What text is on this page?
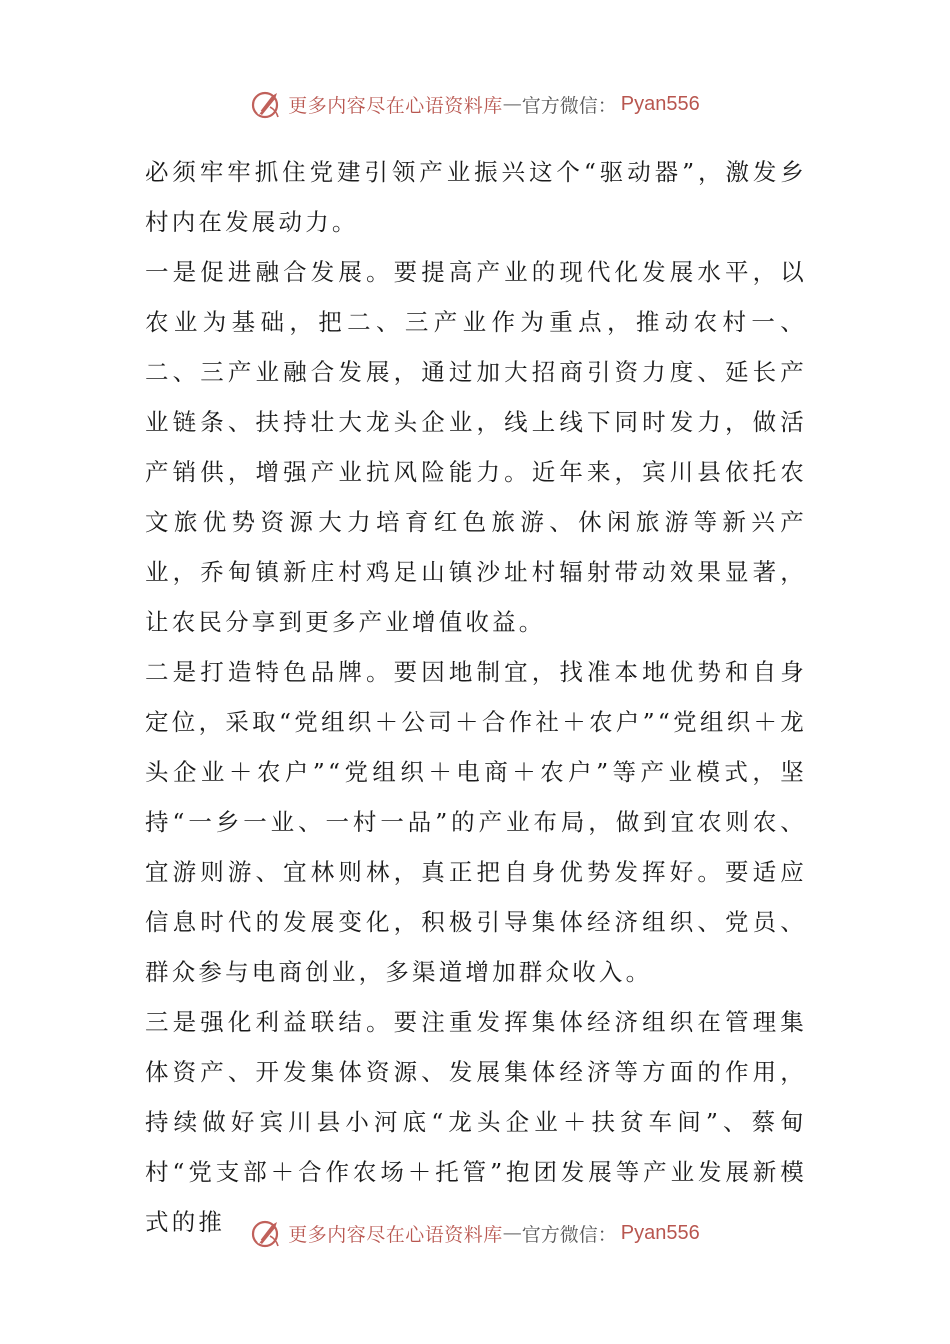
更多内容尽在心语资料库 — 官方微信： Pyan556

必须牢牢抓住党建引领产业振兴这个“驱动器”，激发乡村内在发展动力。

一是促进融合发展。要提高产业的现代化发展水平，以农业为基础，把二、三产业作为重点，推动农村一、二、三产业融合发展，通过加大招商引资力度、延长产业链条、扶持壮大龙头企业，线上线下同时发力，做活产销供，增强产业抗风险能力。近年来，宾川县依托农文旅优势资源大力培育红色旅游、休闲旅游等新兴产业，乔甸镇新庄村鸡足山镇沙址村辐射带动效果显著，让农民分享到更多产业增值收益。

二是打造特色品牌。要因地制宜，找准本地优势和自身定位，采取“党组织＋公司＋合作社＋农户”“党组织＋龙头企业＋农户”“党组织＋电商＋农户”等产业模式，坚持“一乡一业、一村一品”的产业布局，做到宜农则农、宜游则游、宜林则林，真正把自身优势发挥好。要适应信息时代的发展变化，积极引导集体经济组织、党员、群众参与电商创业，多渠道增加群众收入。

三是强化利益联结。要注重发挥集体经济组织在管理集体资产、开发集体资源、发展集体经济等方面的作用，持续做好宾川县小河底“龙头企业＋扶贫车间”、蔡甸村“党支部＋合作农场＋托管”抱团发展等产业发展新模式的推	更多内容尽在心语资料库 — 官方微信： Pyan556
